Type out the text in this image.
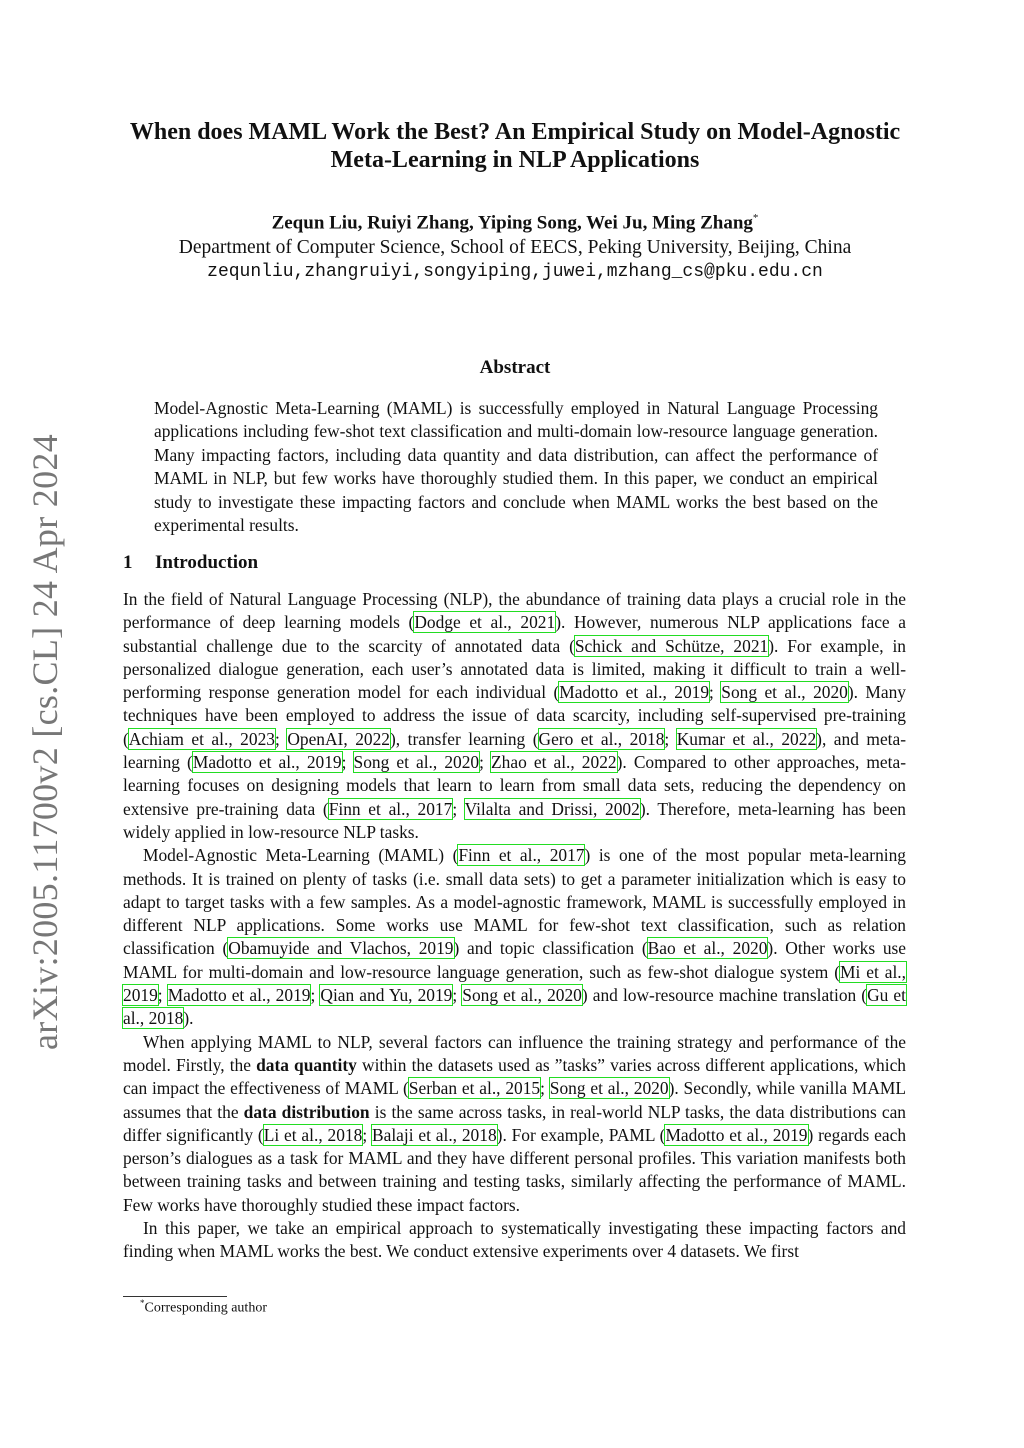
arXiv:2005.11700v2 [cs.CL] 24 Apr 2024
When does MAML Work the Best? An Empirical Study on Model-Agnostic
Meta-Learning in NLP Applications
Zequn Liu, Ruiyi Zhang, Yiping Song, Wei Ju, Ming Zhang*
Department of Computer Science, School of EECS, Peking University, Beijing, China
zequnliu,zhangruiyi,songyiping,juwei,mzhang_cs@pku.edu.cn
Abstract

Model-Agnostic Meta-Learning (MAML) is successfully employed in Natural Language Processing applications including few-shot text classification and multi-domain low-resource language generation. Many impacting factors, including data quantity and data distribution, can affect the performance of MAML in NLP, but few works have thoroughly studied them. In this paper, we conduct an empirical study to investigate these impacting factors and conclude when MAML works the best based on the experimental results.

1 Introduction

In the field of Natural Language Processing (NLP), the abundance of training data plays a crucial role in the performance of deep learning models (Dodge et al., 2021). However, numerous NLP applications face a substantial challenge due to the scarcity of annotated data (Schick and Schütze, 2021). For example, in personalized dialogue generation, each user’s annotated data is limited, making it difficult to train a well-performing response generation model for each individual (Madotto et al., 2019; Song et al., 2020). Many techniques have been employed to address the issue of data scarcity, including self-supervised pre-training (Achiam et al., 2023; OpenAI, 2022), transfer learning (Gero et al., 2018; Kumar et al., 2022), and meta-learning (Madotto et al., 2019; Song et al., 2020; Zhao et al., 2022). Compared to other approaches, meta-learning focuses on designing models that learn to learn from small data sets, reducing the dependency on extensive pre-training data (Finn et al., 2017; Vilalta and Drissi, 2002). Therefore, meta-learning has been widely applied in low-resource NLP tasks.

Model-Agnostic Meta-Learning (MAML) (Finn et al., 2017) is one of the most popular meta-learning methods. It is trained on plenty of tasks (i.e. small data sets) to get a parameter initialization which is easy to adapt to target tasks with a few samples. As a model-agnostic framework, MAML is successfully employed in different NLP applications. Some works use MAML for few-shot text classification, such as relation classification (Obamuyide and Vlachos, 2019) and topic classification (Bao et al., 2020). Other works use MAML for multi-domain and low-resource language generation, such as few-shot dialogue system (Mi et al., 2019; Madotto et al., 2019; Qian and Yu, 2019; Song et al., 2020) and low-resource machine translation (Gu et al., 2018).

When applying MAML to NLP, several factors can influence the training strategy and performance of the model. Firstly, the data quantity within the datasets used as ”tasks” varies across different applications, which can impact the effectiveness of MAML (Serban et al., 2015; Song et al., 2020). Secondly, while vanilla MAML assumes that the data distribution is the same across tasks, in real-world NLP tasks, the data distributions can differ significantly (Li et al., 2018; Balaji et al., 2018). For example, PAML (Madotto et al., 2019) regards each person’s dialogues as a task for MAML and they have different personal profiles. This variation manifests both between training tasks and between training and testing tasks, similarly affecting the performance of MAML. Few works have thoroughly studied these impact factors.

In this paper, we take an empirical approach to systematically investigating these impacting factors and finding when MAML works the best. We conduct extensive experiments over 4 datasets. We first

*Corresponding author
